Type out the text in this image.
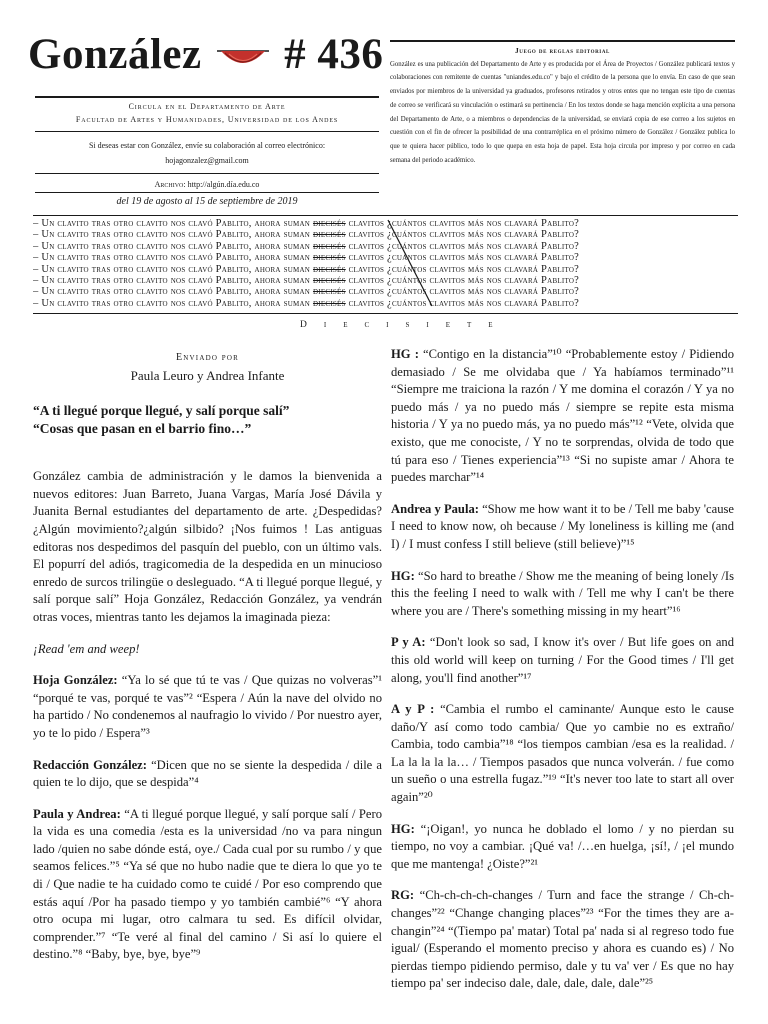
González # 436
Circula en el Departamento de Arte
Facultad de Artes y Humanidades, Universidad de los Andes

Si deseas estar con González, envíe su colaboración al correo electrónico:

hojagonzalez@gmail.com

Archivo: http://algún.día.edu.co
del 19 de agosto al 15 de septiembre de 2019
Juego de reglas editorial
González es una publicación del Departamento de Arte y es producida por el Área de Proyectos / González publicará textos y colaboraciones con remitente de cuentas "uniandes.edu.co" y bajo el crédito de la persona que lo envía. En caso de que sean enviados por miembros de la universidad ya graduados, profesores retirados y otros entes que no tengan este tipo de cuentas de correo se verificará su vinculación o estimará su pertinencia / En los textos donde se haga mención explícita a una persona del Departamento de Arte, o a miembros o dependencias de la universidad, se enviará copia de ese correo a los sujetos en cuestión con el fin de ofrecer la posibilidad de una contrarréplica en el próximo número de González / González publica lo que te quiera hacer público, todo lo que quepa en esta hoja de papel. Esta hoja circula por impreso y por correo en cada semana del periodo académico.
– Un clavito tras otro clavito nos clavó Pablito, ahora suman diecisés clavitos ¿cuántos clavitos más nos clavará Pablito?
– Un clavito tras otro clavito nos clavó Pablito, ahora suman diecisés clavitos ¿cuántos clavitos más nos clavará Pablito?
– Un clavito tras otro clavito nos clavó Pablito, ahora suman diecisés clavitos ¿cuántos clavitos más nos clavará Pablito?
– Un clavito tras otro clavito nos clavó Pablito, ahora suman diecisés clavitos ¿cuántos clavitos más nos clavará Pablito?
– Un clavito tras otro clavito nos clavó Pablito, ahora suman diecisés clavitos ¿cuántos clavitos más nos clavará Pablito?
– Un clavito tras otro clavito nos clavó Pablito, ahora suman diecisés clavitos ¿cuántos clavitos más nos clavará Pablito?
– Un clavito tras otro clavito nos clavó Pablito, ahora suman diecisés clavitos ¿cuántos clavitos más nos clavará Pablito?
– Un clavito tras otro clavito nos clavó Pablito, ahora suman diecisés clavitos ¿cuántos clavitos más nos clavará Pablito?
Diecisiete
Enviado por
Paula Leuro y Andrea Infante
“A ti llegué porque llegué, y salí porque salí”
“Cosas que pasan en el barrio fino…”

González cambia de administración y le damos la bienvenida a nuevos editores: Juan Barreto, Juana Vargas, María José Dávila y Juanita Bernal estudiantes del departamento de arte. ¿Despedidas?¿Algún movimiento?¿algún silbido? ¡Nos fuimos ! Las antiguas editoras nos despedimos del pasquín del pueblo, con un último vals. El popurrí del adiós, tragicomedia de la despedida en un minucioso enredo de surcos trilingüe o desleguado. “A ti llegué porque llegué, y salí porque salí” Hoja González, Redacción González, ya vendrán otras voces, mientras tanto les dejamos la imaginada pieza:

¡Read 'em and weep!

Hoja González: “Ya lo sé que tú te vas / Que quizas no volveras”¹ “porqué te vas, porqué te vas”² “Espera / Aún la nave del olvido no ha partido / No condenemos al naufragio lo vivido / Por nuestro ayer, yo te lo pido / Espera”³

Redacción González: “Dicen que no se siente la despedida / dile a quien te lo dijo, que se despida”⁴

Paula y Andrea: “A ti llegué porque llegué, y salí porque salí / Pero la vida es una comedia /esta es la universidad /no va para ningun lado /quien no sabe dónde está, oye./ Cada cual por su rumbo / y que seamos felices.”⁵ “Ya sé que no hubo nadie que te diera lo que yo te di / Que nadie te ha cuidado como te cuidé / Por eso comprendo que estás aquí /Por ha pasado tiempo y yo también cambié”⁶ “Y ahora otro ocupa mi lugar, otro calmara tu sed. Es difícil olvidar, comprender.”⁷ “Te veré al final del camino / Si así lo quiere el destino.”⁸ “Baby, bye, bye, bye”⁹

HG : “Contigo en la distancia”¹⁰ “Probablemente estoy / Pidiendo demasiado / Se me olvidaba que / Ya habíamos terminado”¹¹ “Siempre me traiciona la razón / Y me domina el corazón / Y ya no puedo más / ya no puedo más / siempre se repite esta misma historia / Y ya no puedo más, ya no puedo más”¹² “Vete, olvida que existo, que me conociste, / Y no te sorprendas, olvida de todo que tú para eso / Tienes experiencia”¹³ “Si no supiste amar / Ahora te puedes marchar”¹⁴

Andrea y Paula: “Show me how want it to be / Tell me baby 'cause I need to know now, oh because / My loneliness is killing me (and I) / I must confess I still believe (still believe)”¹⁵

HG: “So hard to breathe / Show me the meaning of being lonely /Is this the feeling I need to walk with / Tell me why I can't be there where you are / There's something missing in my heart”¹⁶

P y A: “Don't look so sad, I know it's over / But life goes on and this old world will keep on turning / For the Good times / I'll get along, you'll find another”¹⁷

A y P : “Cambia el rumbo el caminante/ Aunque esto le cause daño/Y así como todo cambia/ Que yo cambie no es extraño/ Cambia, todo cambia”¹⁸ “los tiempos cambian /esa es la realidad. / La la la la la… / Tiempos pasados que nunca volverán. / fue como un sueño o una estrella fugaz.”¹⁹ “It's never too late to start all over again”²⁰

HG: “¡Oigan!, yo nunca he doblado el lomo / y no pierdan su tiempo, no voy a cambiar. ¡Qué va! /…en huelga, ¡sí!, / ¡el mundo que me mantenga! ¿Oiste?”²¹

RG: “Ch-ch-ch-ch-changes / Turn and face the strange / Ch-ch-changes”²² “Change changing places”²³ “For the times they are a-changin”²⁴ “(Tiempo pa' matar) Total pa' nada si al regreso todo fue igual/ (Esperando el momento preciso y ahora es cuando es) / No pierdas tiempo pidiendo permiso, dale y tu va' ver / Es que no hay tiempo pa' ser indeciso dale, dale, dale, dale, dale”²⁵
